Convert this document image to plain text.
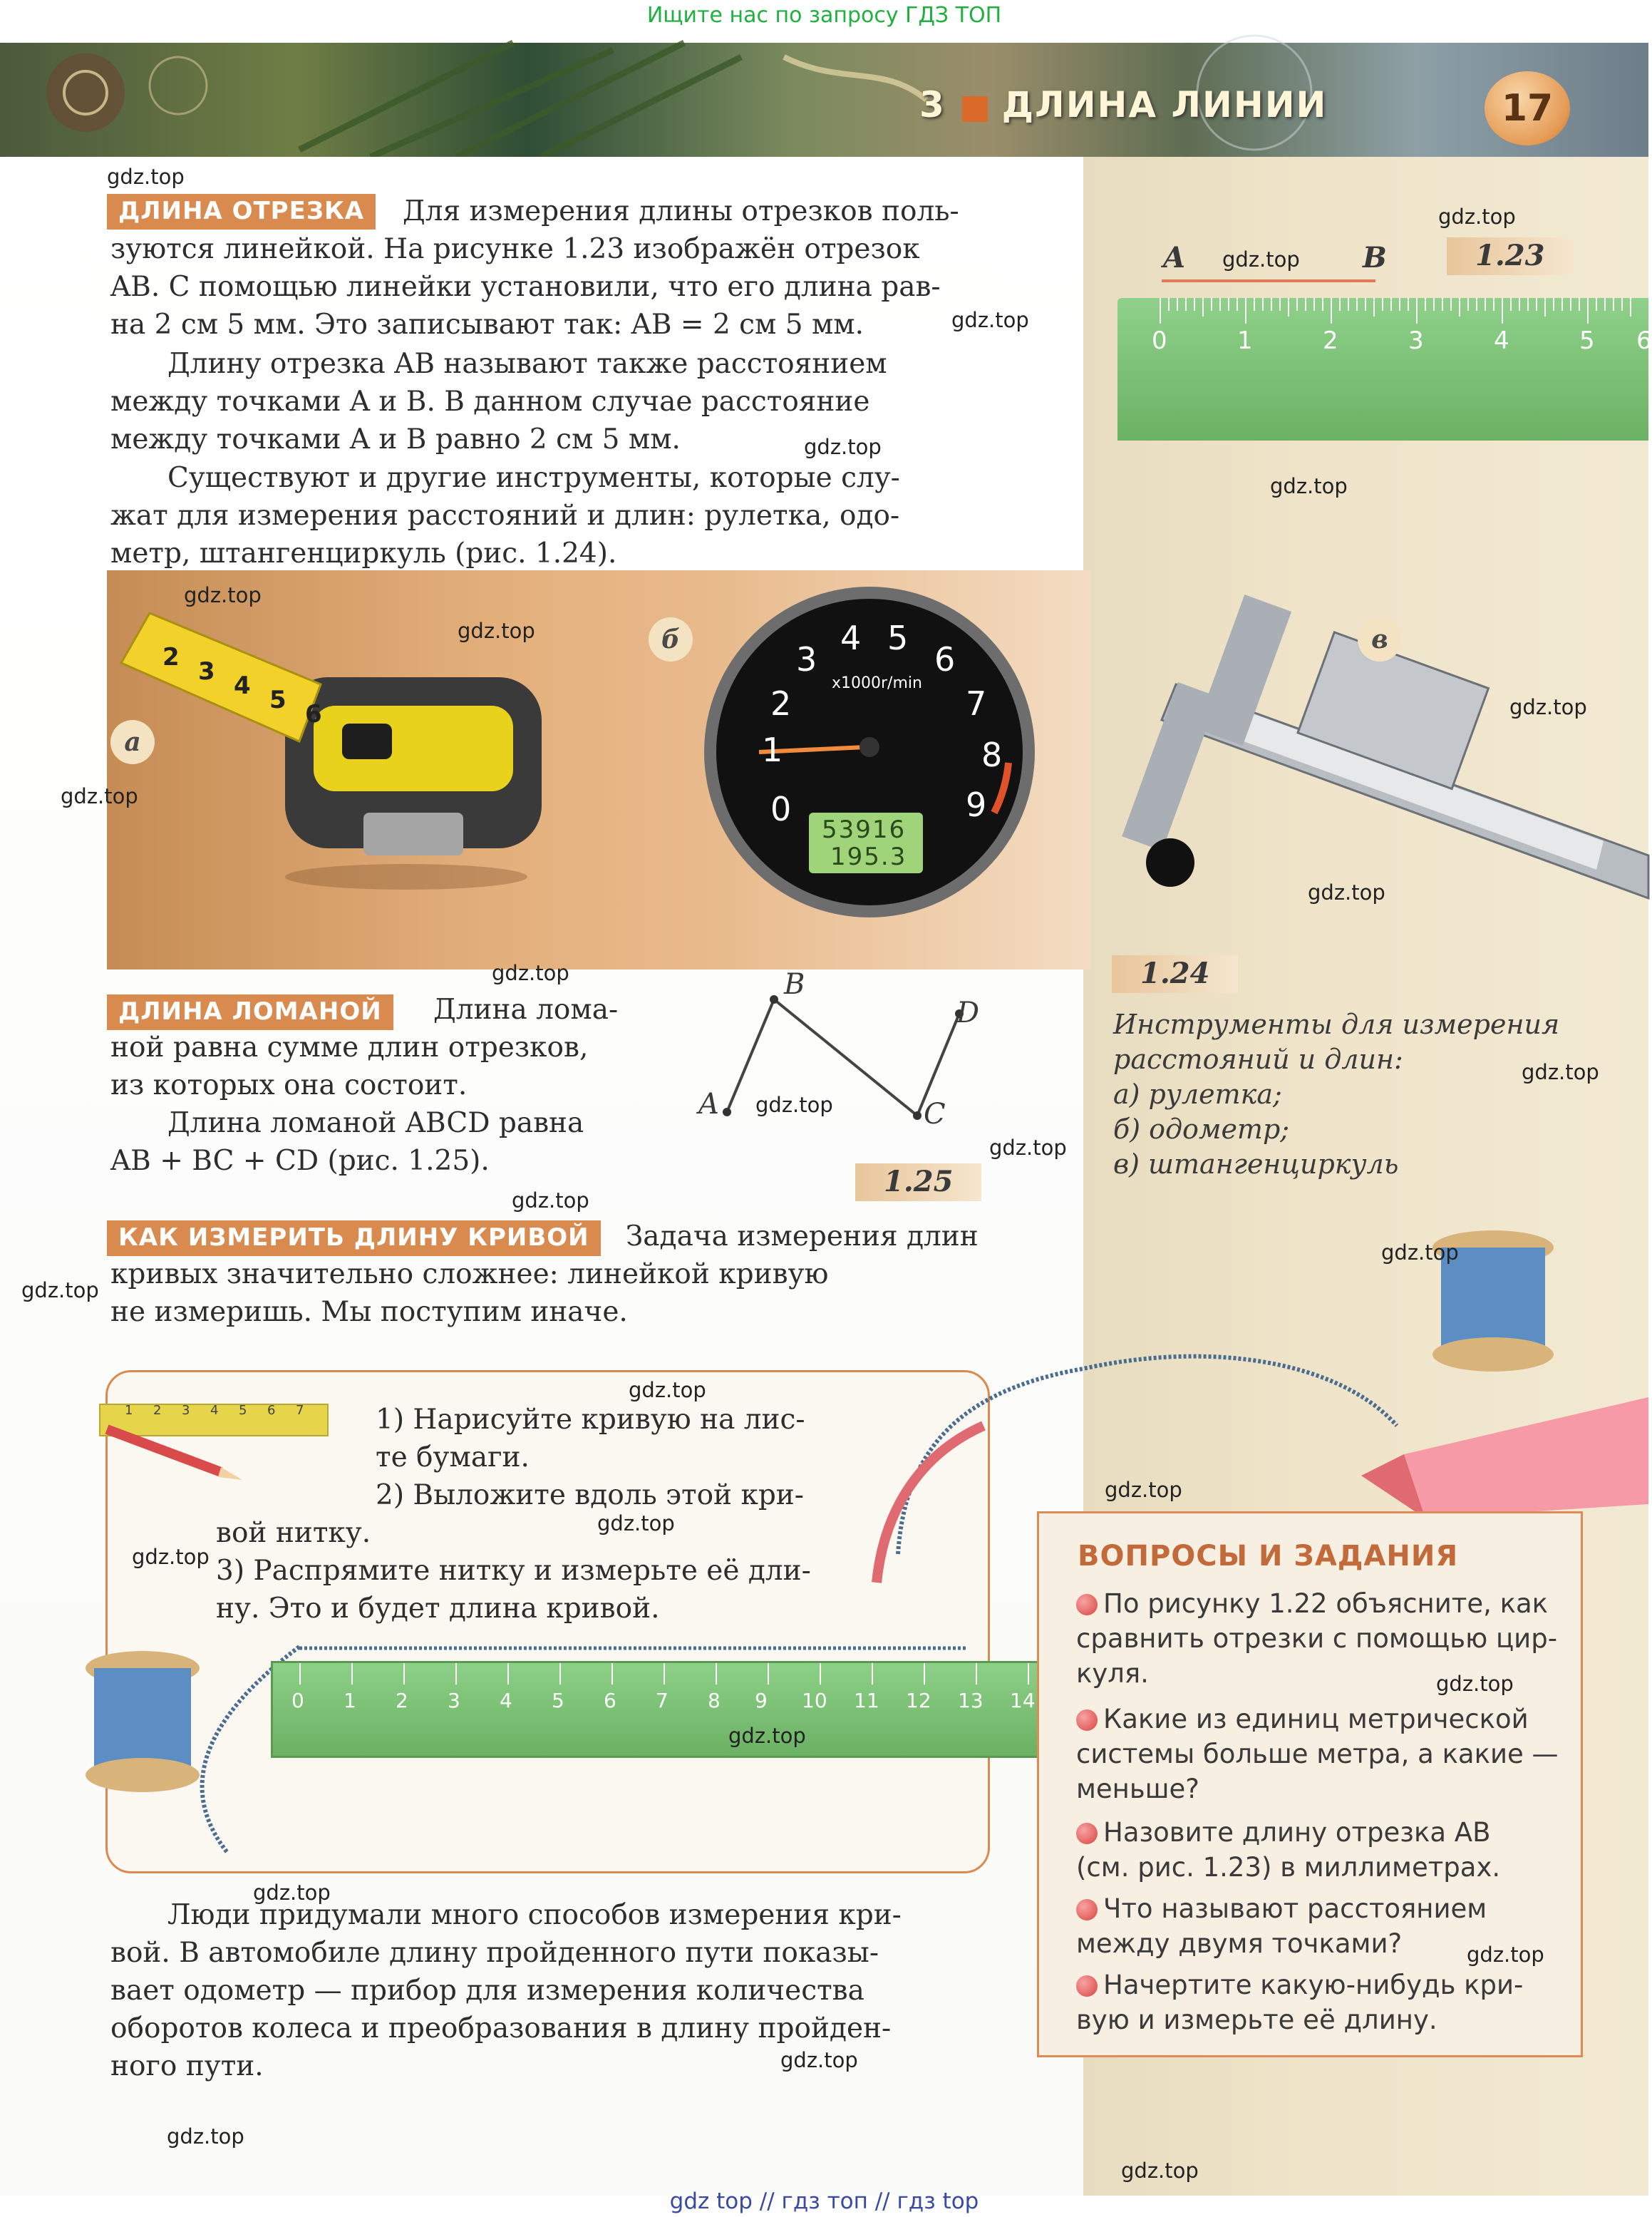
Ищите нас по запросу ГДЗ ТОП
3 ДЛИНА ЛИНИИ	17
ДЛИНА ОТРЕЗКА	Для измерения длины отрезков поль-
зуются линейкой. На рисунке 1.23 изображён отрезок
AB. С помощью линейки установили, что его длина рав-
на 2 см 5 мм. Это записывают так: AB = 2 см 5 мм.
Длину отрезка AB называют также расстоянием
между точками A и B. В данном случае расстояние
между точками A и B равно 2 см 5 мм.
Существуют и другие инструменты, которые слу-
жат для измерения расстояний и длин: рулетка, одо-
метр, штангенциркуль (рис. 1.24).
A	B	1.23
0	1	2	3	4	5 6
2 3 4 5 6
а
0
1
2
3
4 5
6
7
8
9
x1000r/min
53916
195.3
б	в
1.24
Инструменты для измерения
расстояний и длин:
а) рулетка;
б) одометр;
в) штангенциркуль
ДЛИНА ЛОМАНОЙ	Длина лома-
ной равна сумме длин отрезков,
из которых она состоит.
Длина ломаной ABCD равна
AB + BC + CD (рис. 1.25).
A
B
C
D
1.25
КАК ИЗМЕРИТЬ ДЛИНУ КРИВОЙ	Задача измерения длин
кривых значительно сложнее: линейкой кривую
не измеришь. Мы поступим иначе.
1 2 3 4 5 6 7	1) Нарисуйте кривую на лис-
те бумаги.
2) Выложите вдоль этой кри-
вой нитку.
3) Распрямите нитку и измерьте её дли-
ну. Это и будет длина кривой.
0 1 2 3 4 5 6 7 8 9 10 11 12 13 14
Люди придумали много способов измерения кри-
вой. В автомобиле длину пройденного пути показы-
вает одометр — прибор для измерения количества
оборотов колеса и преобразования в длину пройден-
ного пути.
ВОПРОСЫ И ЗАДАНИЯ
По рисунку 1.22 объясните, как
сравнить отрезки с помощью цир-
куля.
Какие из единиц метрической
системы больше метра, а какие —
меньше?
Назовите длину отрезка AB
(см. рис. 1.23) в миллиметрах.
Что называют расстоянием
между двумя точками?
Начертите какую-нибудь кри-
вую и измерьте её длину.
gdz.top
gdz.top
gdz.top
gdz.top
gdz.top
gdz.top
gdz.top
gdz.top
gdz.top
gdz.top
gdz.top
gdz.top
gdz.top
gdz.top
gdz.top
gdz.top
gdz.top
gdz.top
gdz.top
gdz.top
gdz.top
gdz.top
gdz.top
gdz.top
gdz.top
gdz.top
gdz.top
gdz.top
gdz.top
gdz top // гдз топ // гдз top
